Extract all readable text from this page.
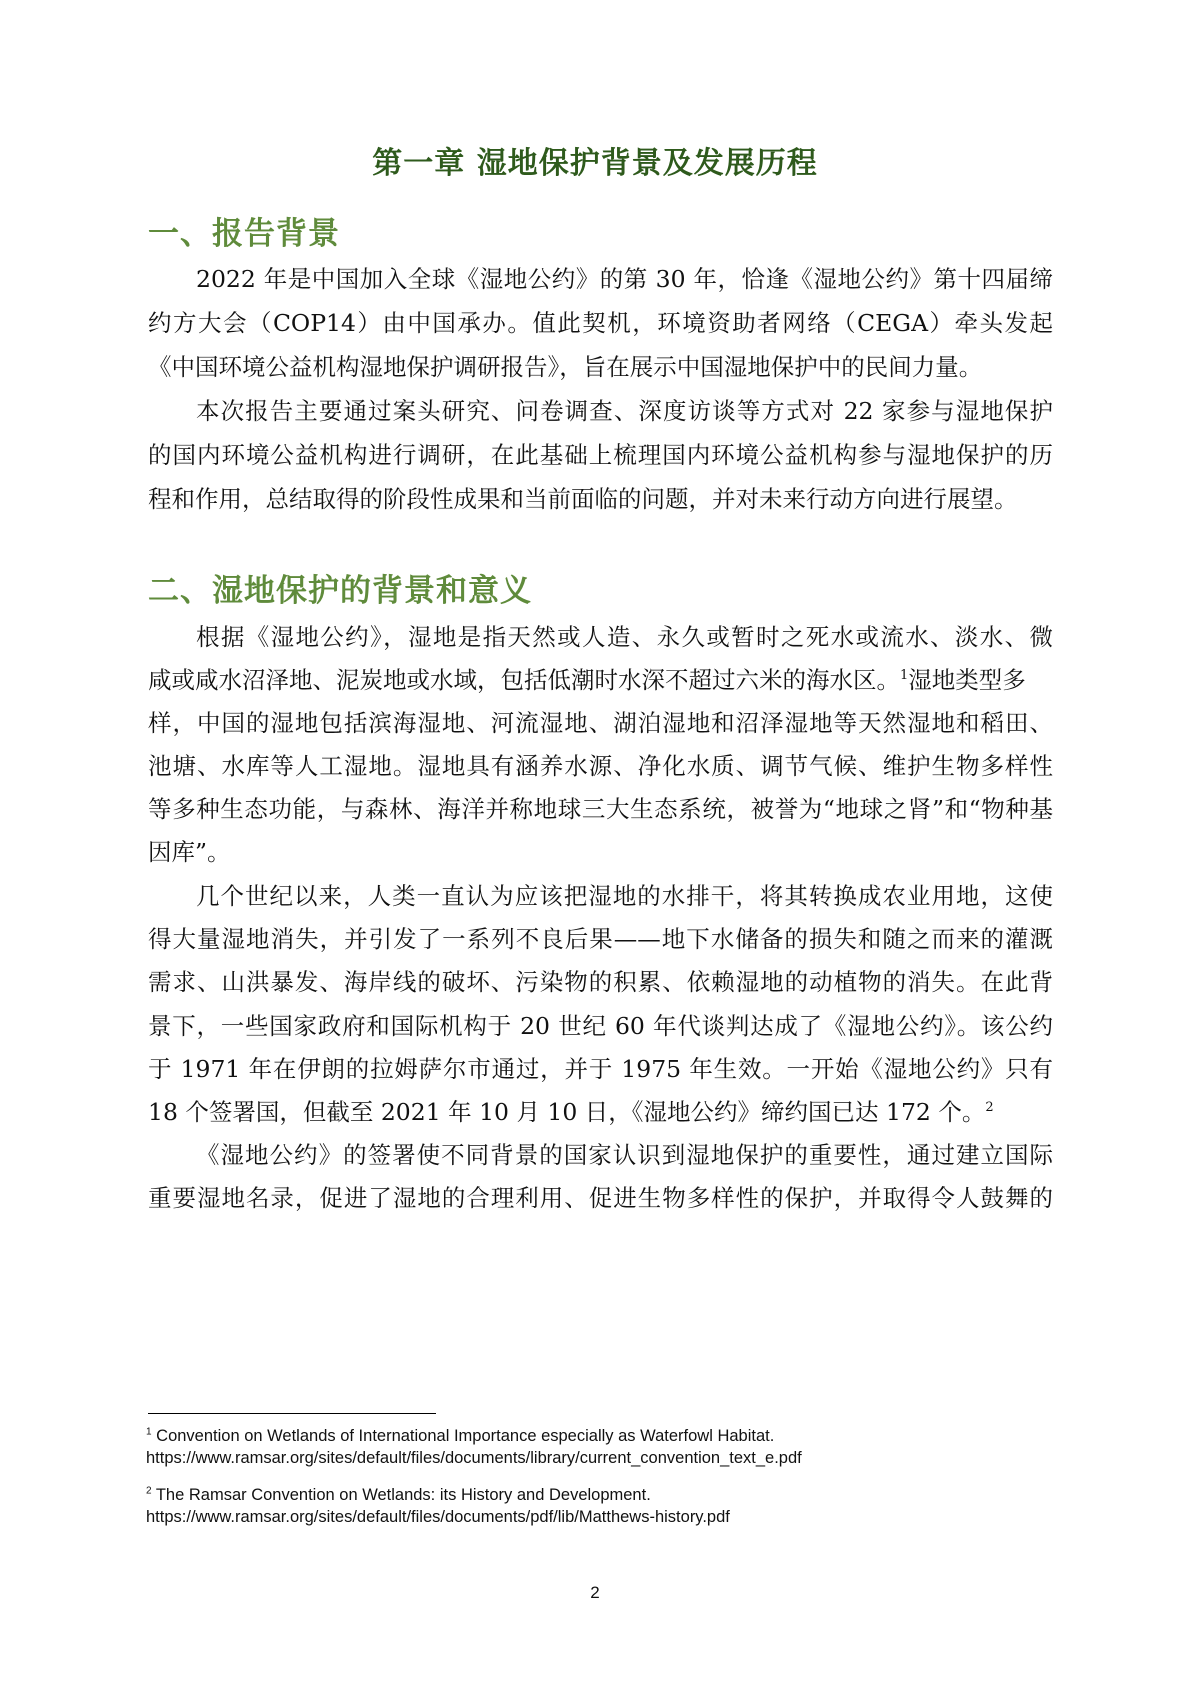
第一章 湿地保护背景及发展历程
一、报告背景
2022 年是中国加入全球《湿地公约》的第 30 年，恰逢《湿地公约》第十四届缔
约方大会（COP14）由中国承办。值此契机，环境资助者网络（CEGA）牵头发起
《中国环境公益机构湿地保护调研报告》，旨在展示中国湿地保护中的民间力量。
本次报告主要通过案头研究、问卷调查、深度访谈等方式对 22 家参与湿地保护
的国内环境公益机构进行调研，在此基础上梳理国内环境公益机构参与湿地保护的历
程和作用，总结取得的阶段性成果和当前面临的问题，并对未来行动方向进行展望。
二、湿地保护的背景和意义
根据《湿地公约》，湿地是指天然或人造、永久或暂时之死水或流水、淡水、微
咸或咸水沼泽地、泥炭地或水域，包括低潮时水深不超过六米的海水区。$^1$湿地类型多
样，中国的湿地包括滨海湿地、河流湿地、湖泊湿地和沼泽湿地等天然湿地和稻田、
池塘、水库等人工湿地。湿地具有涵养水源、净化水质、调节气候、维护生物多样性
等多种生态功能，与森林、海洋并称地球三大生态系统，被誉为“地球之肾”和“物种基
因库”。
几个世纪以来，人类一直认为应该把湿地的水排干，将其转换成农业用地，这使
得大量湿地消失，并引发了一系列不良后果——地下水储备的损失和随之而来的灌溉
需求、山洪暴发、海岸线的破坏、污染物的积累、依赖湿地的动植物的消失。在此背
景下，一些国家政府和国际机构于 20 世纪 60 年代谈判达成了《湿地公约》。该公约
于 1971 年在伊朗的拉姆萨尔市通过，并于 1975 年生效。一开始《湿地公约》只有
18 个签署国，但截至 2021 年 10 月 10 日，《湿地公约》缔约国已达 172 个。$^2$
《湿地公约》的签署使不同背景的国家认识到湿地保护的重要性，通过建立国际
重要湿地名录，促进了湿地的合理利用、促进生物多样性的保护，并取得令人鼓舞的
$^1$ Convention on Wetlands of International Importance especially as Waterfowl Habitat.
https://www.ramsar.org/sites/default/files/documents/library/current_convention_text_e.pdf
$^2$ The Ramsar Convention on Wetlands: its History and Development.
https://www.ramsar.org/sites/default/files/documents/pdf/lib/Matthews-history.pdf
2
